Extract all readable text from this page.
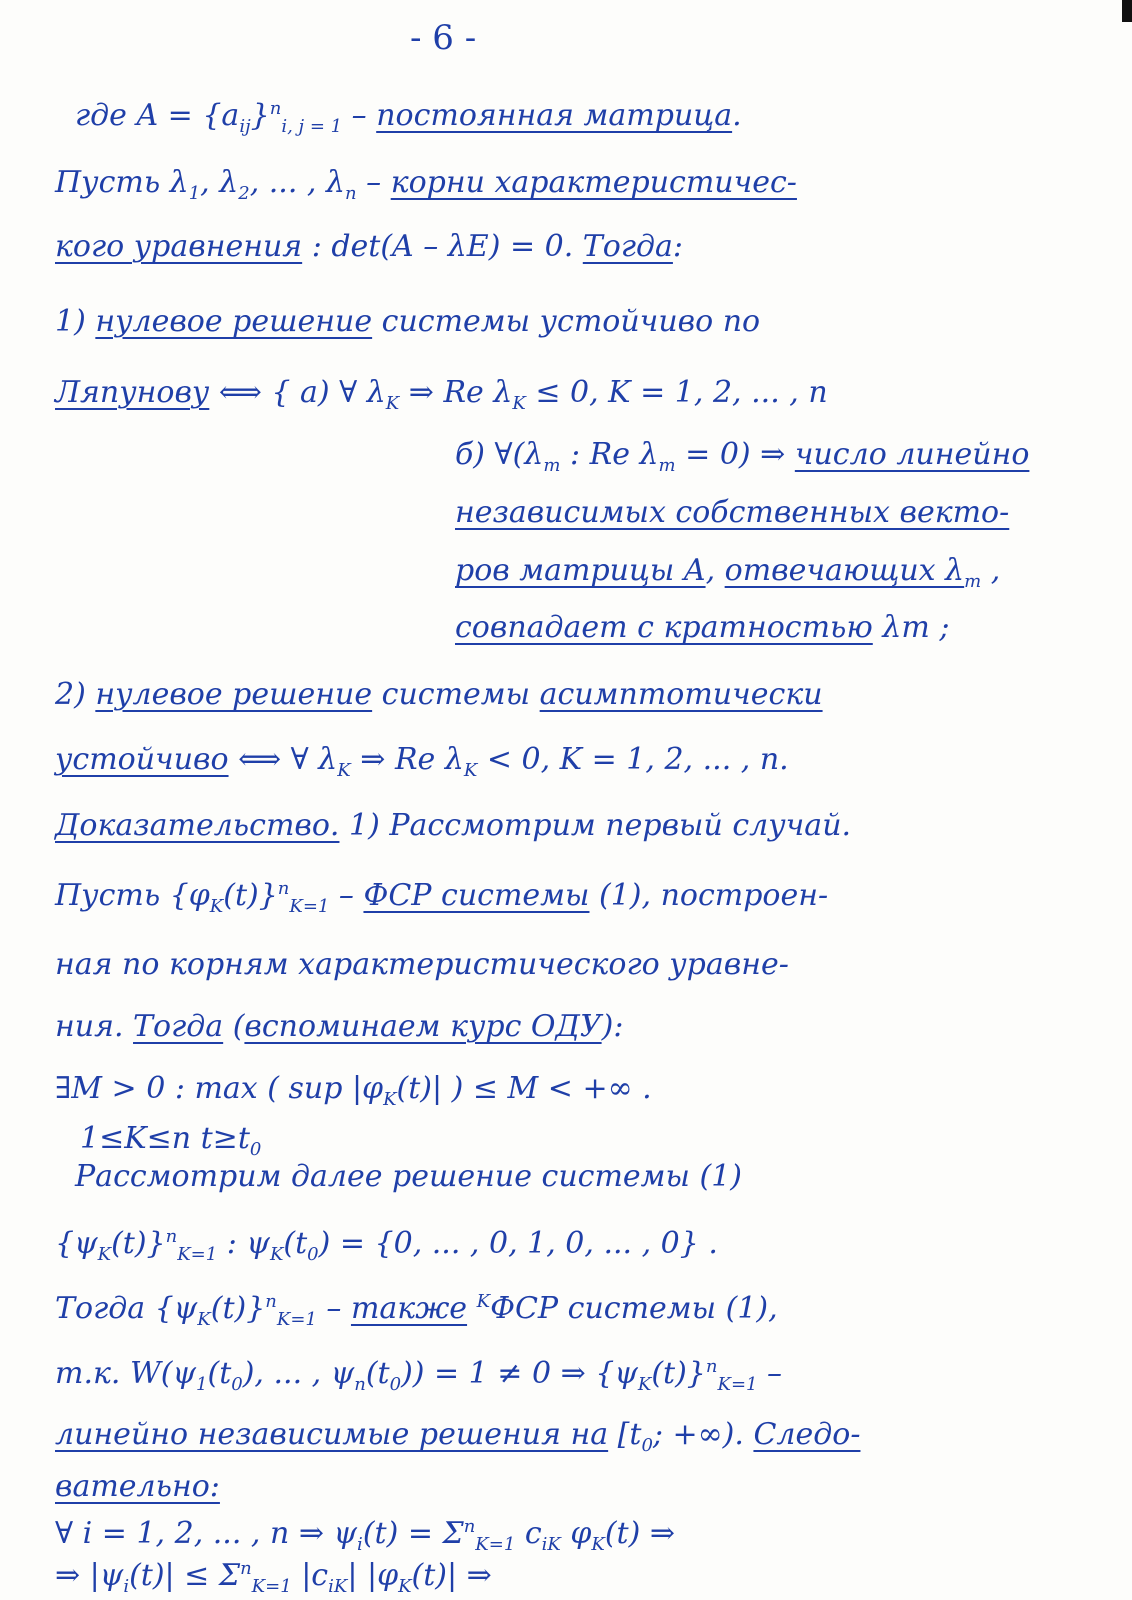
- 6 -
где $A = \{a_{ij}\}^n_{i, j = 1}$ – постоянная матрица.
Пусть $\lambda_1$, $\lambda_2$, ... , $\lambda_n$ – корни характеристичес-
кого уравнения : det(A – λE) = 0. Тогда:
1) нулевое решение системы устойчиво по
Ляпунову ⟺ { а) ∀ $\lambda_K$ ⇒ Re $\lambda_K \le 0$, K = 1, 2, ... , n
б) $\forall(\lambda_m$ : Re $\lambda_m = 0$) ⇒ число линейно
независимых собственных векто-
ров матрицы A, отвечающих $\lambda_m$ ,
совпадает с кратностью λm ;
2) нулевое решение системы асимптотически
устойчиво ⟺ ∀ $\lambda_K$ ⇒ Re $\lambda_K < 0$, K = 1, 2, ... , n.
Доказательство. 1) Рассмотрим первый случай.
Пусть $\{\varphi_K(t)\}^n_{K=1}$ – ФСР системы (1), построен-
ная по корням характеристического уравне-
ния. Тогда (вспоминаем курс ОДУ):
∃M > 0 : max ( sup $|\varphi_K(t)|$ ) ≤ M < +∞ .
1≤K≤n $t\ge t_0$
Рассмотрим далее решение системы (1)
$\{\psi_K(t)\}^n_{K=1}$ : $\psi_K(t_0) = \{0$, ... , 0, 1, 0, ... , 0} .
Тогда $\{\psi_K(t)\}^n_{K=1}$ – также $^K$ФСР системы (1),
т.к. $W(\psi_1(t_0)$, ... , $\psi_n(t_0)) = 1 \ne 0$ ⇒ $\{\psi_K(t)\}^n_{K=1}$ –
линейно независимые решения на [$t_0$; +∞). Следо-
вательно:
∀ i = 1, 2, ... , n ⇒ $\psi_i(t) = \Sigma^n_{K=1}$ $c_{iK}$ $\varphi_K(t)$ ⇒
⇒ $|\psi_i(t)| \le \Sigma^n_{K=1}$ $|c_{iK}|$ $|\varphi_K(t)|$ ⇒
